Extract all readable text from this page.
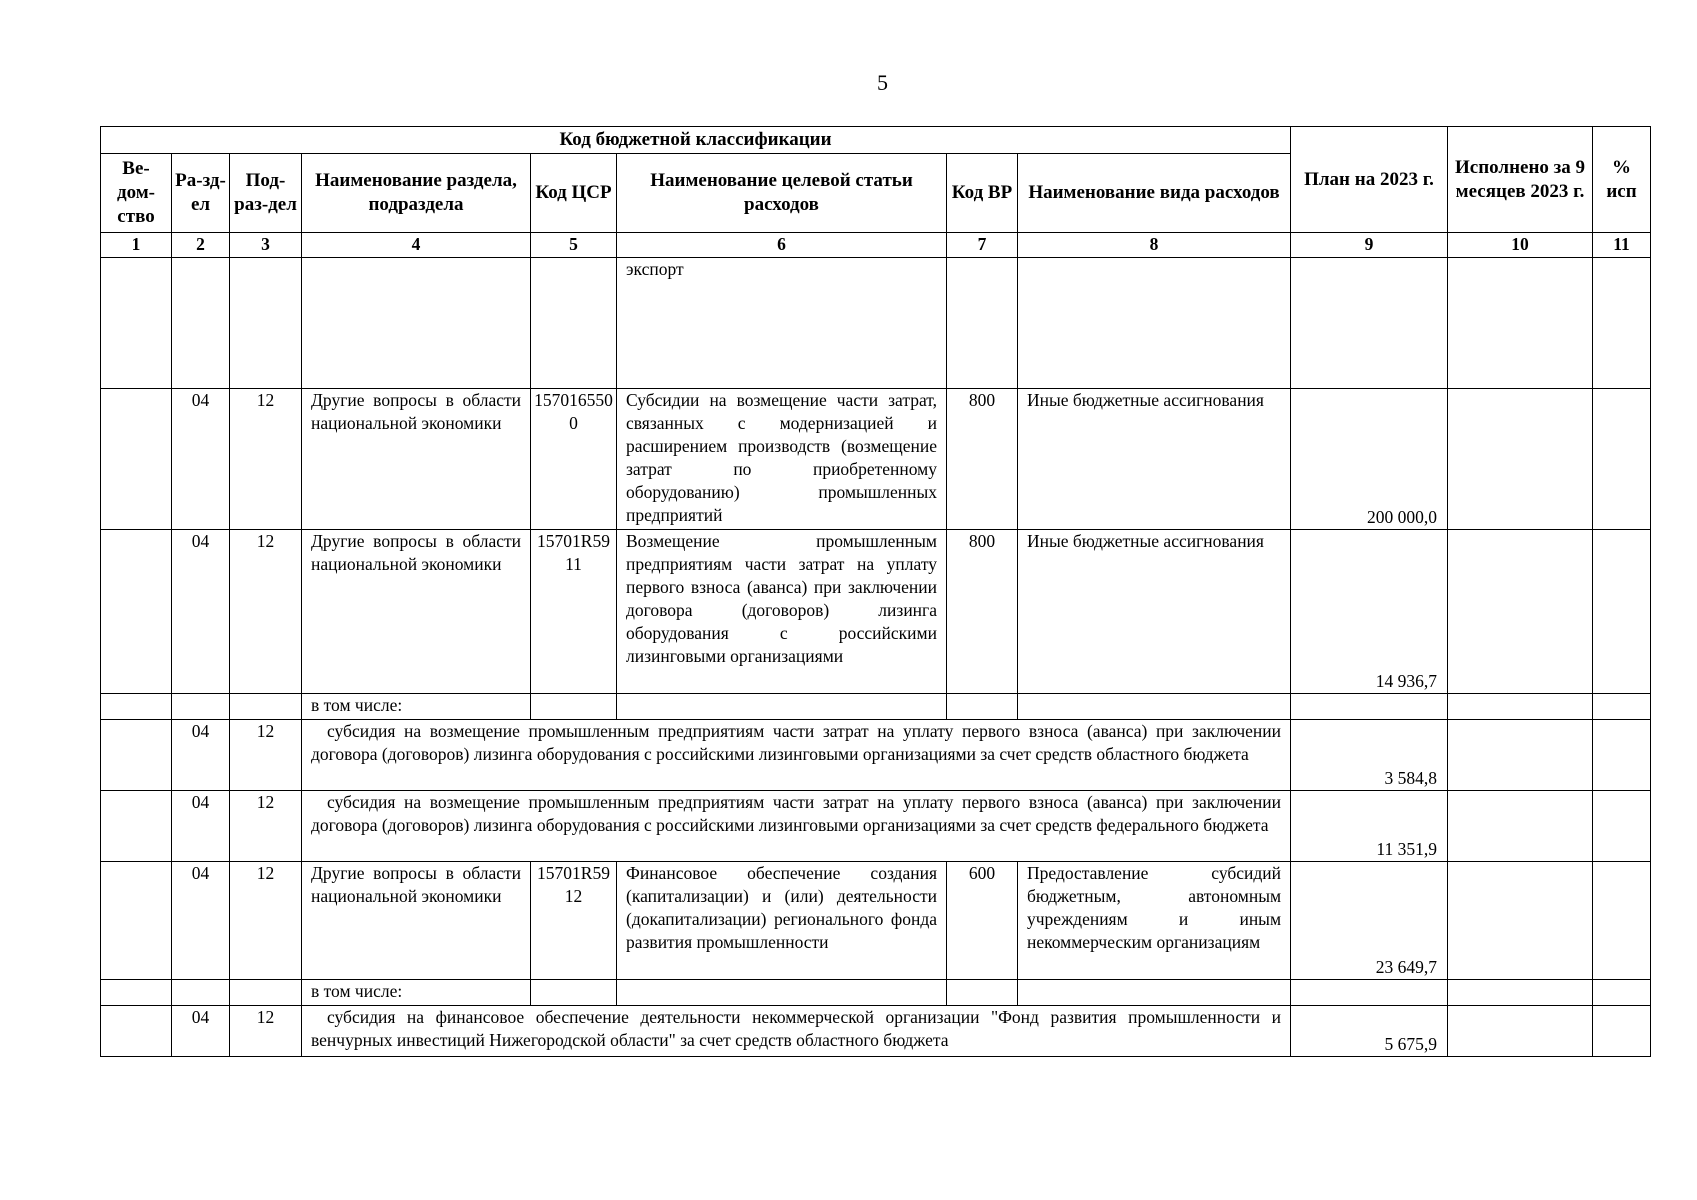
5
Код бюджетной классификации								План на 2023 г.	Исполнено за 9 месяцев 2023 г.	% исп
Ве-дом-ство	Ра-зд-ел	Под-раз-дел	Наименование раздела, подраздела	Код ЦСР	Наименование целевой статьи расходов	Код ВР	Наименование вида расходов			
1	2	3	4	5	6	7	8	9	10	11
					экспорт					
	04	12	Другие вопросы в области национальной экономики	1570165500	Субсидии на возмещение части затрат, связанных с модернизацией и расширением производств (возмещение затрат по приобретенному оборудованию) промышленных предприятий	800	Иные бюджетные ассигнования	200 000,0		
	04	12	Другие вопросы в области национальной экономики	15701R5911	Возмещение промышленным предприятиям части затрат на уплату первого взноса (аванса) при заключении договора (договоров) лизинга оборудования с российскими лизинговыми организациями	800	Иные бюджетные ассигнования	14 936,7		
			в том числе:							
	04	12	субсидия на возмещение промышленным предприятиям части затрат на уплату первого взноса (аванса) при заключении договора (договоров) лизинга оборудования с российскими лизинговыми организациями за счет средств областного бюджета					3 584,8		
	04	12	субсидия на возмещение промышленным предприятиям части затрат на уплату первого взноса (аванса) при заключении договора (договоров) лизинга оборудования с российскими лизинговыми организациями за счет средств федерального бюджета					11 351,9		
	04	12	Другие вопросы в области национальной экономики	15701R5912	Финансовое обеспечение создания (капитализации) и (или) деятельности (докапитализации) регионального фонда развития промышленности	600	Предоставление субсидий бюджетным, автономным учреждениям и иным некоммерческим организациям	23 649,7		
			в том числе:							
	04	12	субсидия на финансовое обеспечение деятельности некоммерческой организации "Фонд развития промышленности и венчурных инвестиций Нижегородской области" за счет средств областного бюджета					5 675,9		
